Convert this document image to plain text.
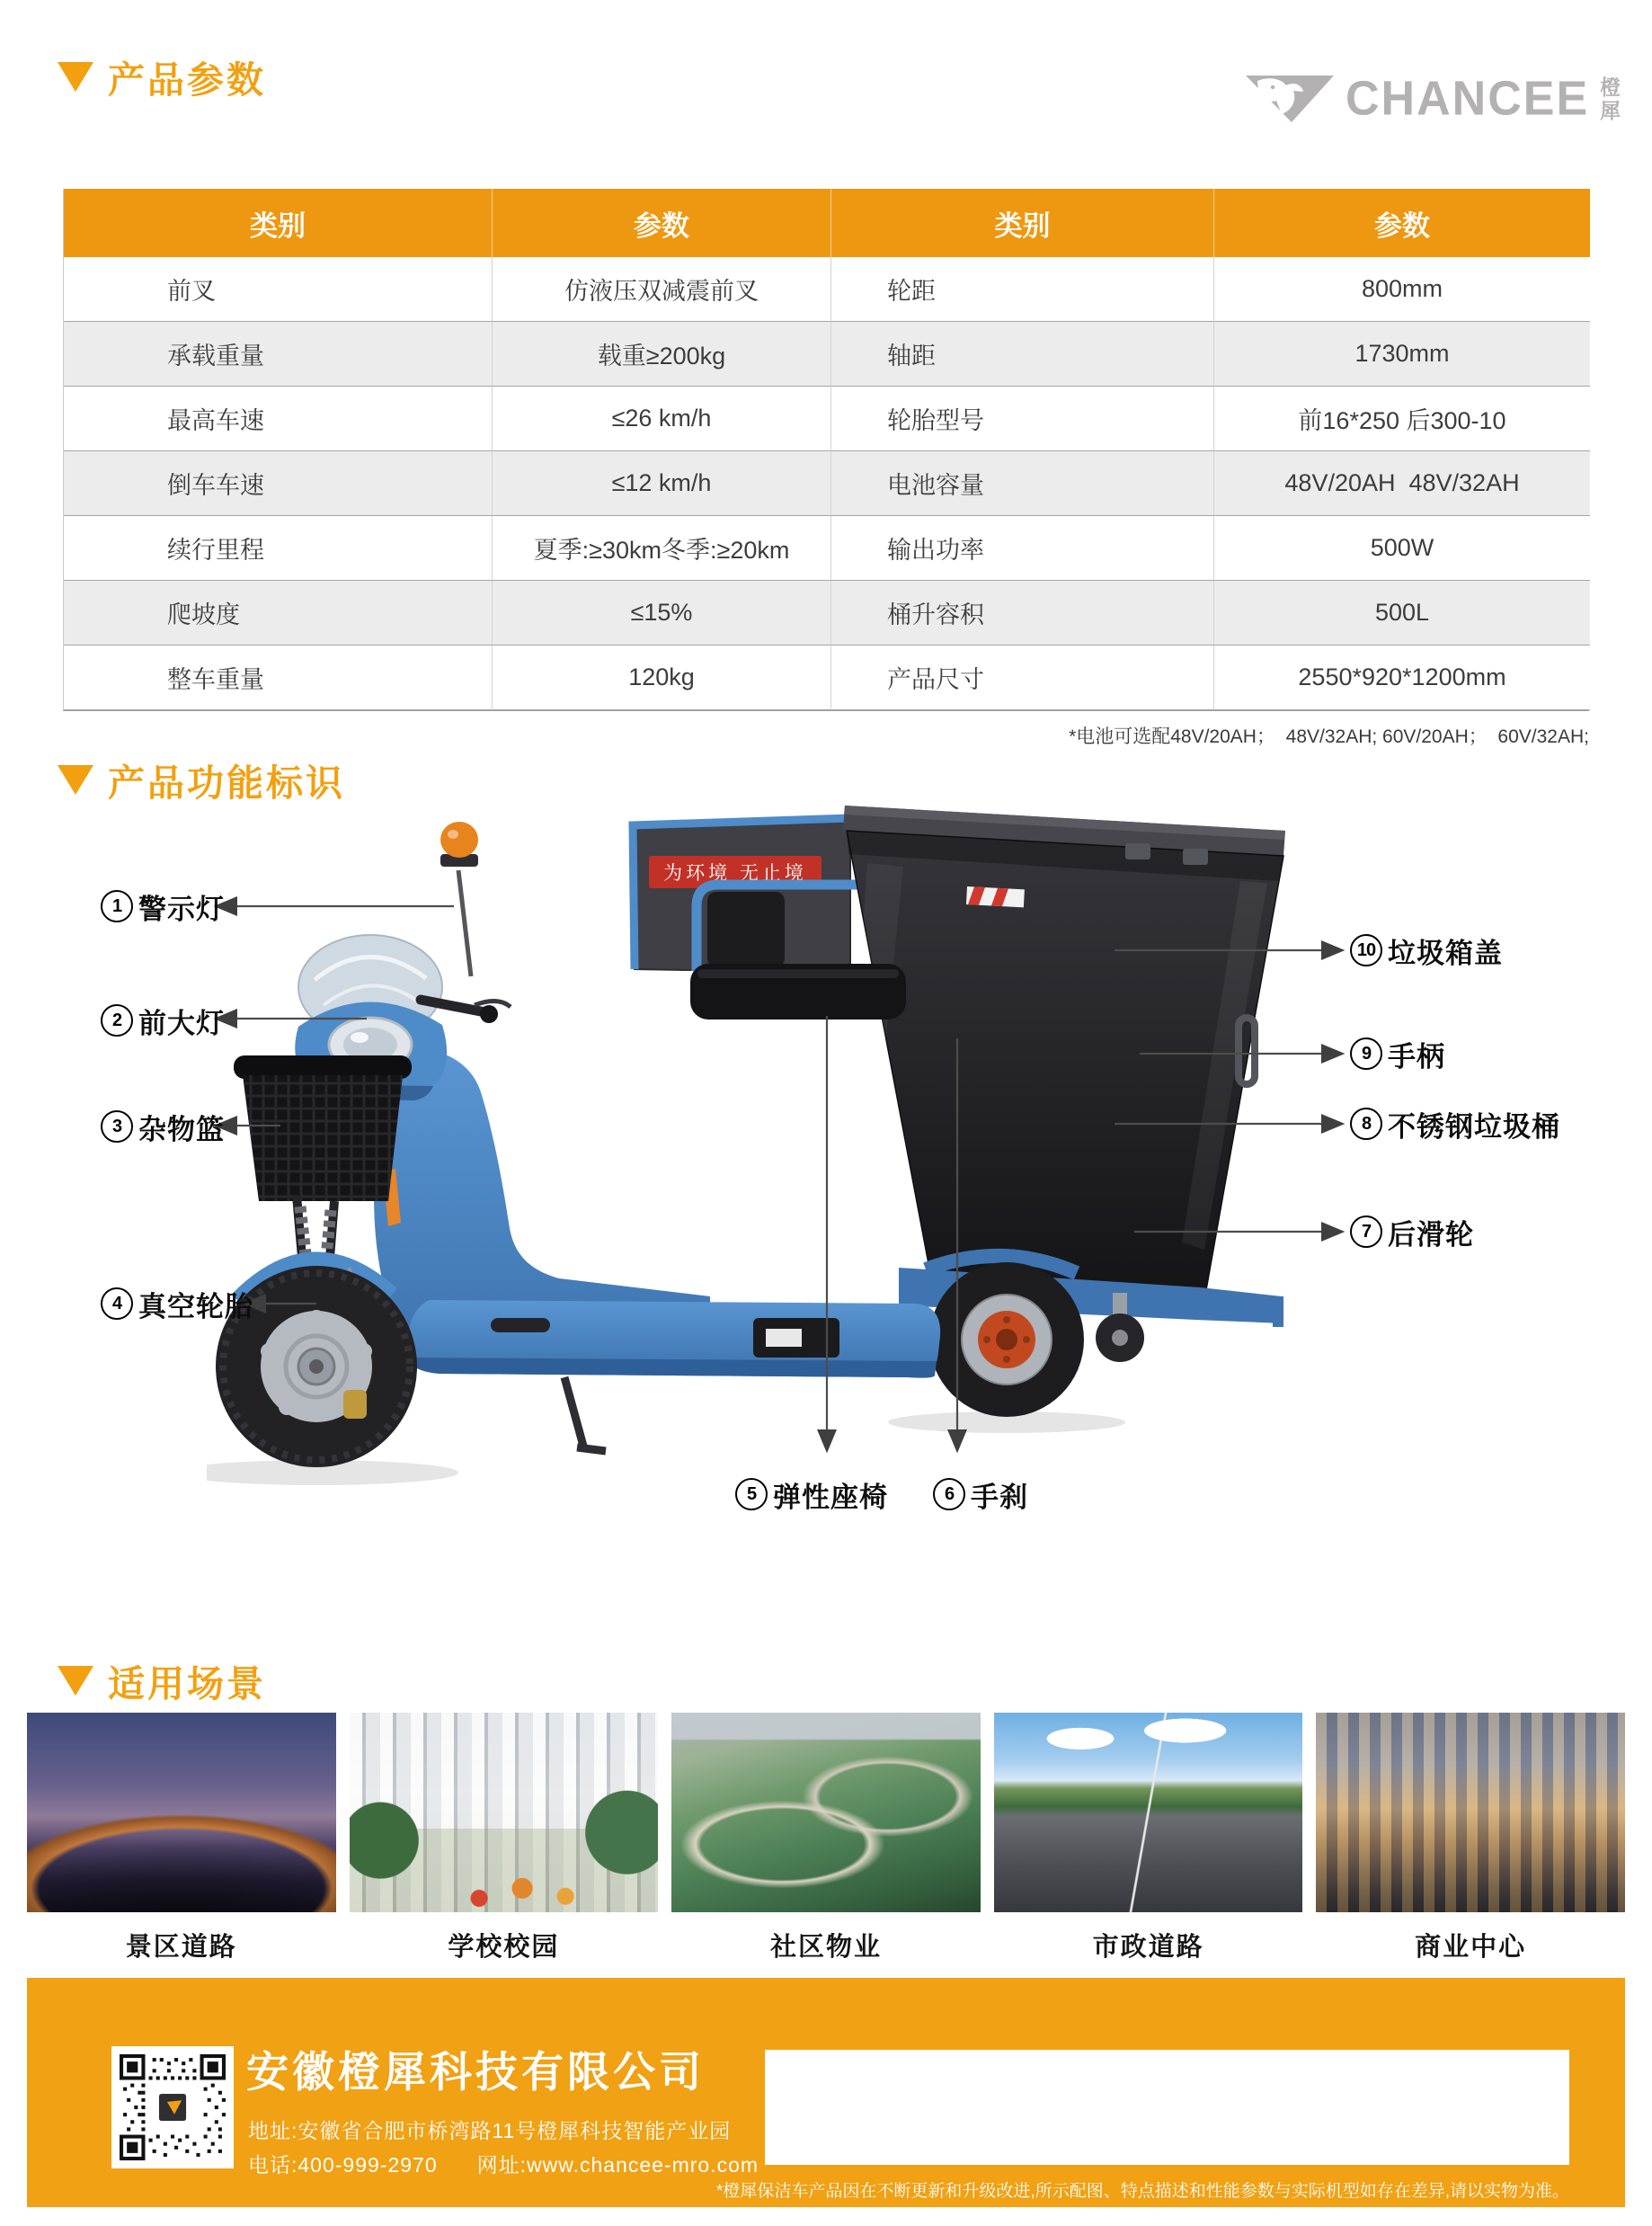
产品参数	CHANCEE 橙
犀
类别	参数	类别	参数
前叉	仿液压双减震前叉	轮距	800mm
承载重量	载重≥200kg	轴距	1730mm
最高车速	≤26 km/h	轮胎型号	前16*250 后300-10
倒车车速	≤12 km/h	电池容量	48V/20AH  48V/32AH
续行里程	夏季:≥30km冬季:≥20km	输出功率	500W
爬坡度	≤15%	桶升容积	500L
整车重量	120kg	产品尺寸	2550*920*1200mm
*电池可选配48V/20AH；  48V/32AH; 60V/20AH；  60V/32AH;
产品功能标识
为环境 无止境
1 警示灯
2 前大灯
3 杂物篮
4 真空轮胎
10 垃圾箱盖
9 手柄
8 不锈钢垃圾桶
7 后滑轮
5 弹性座椅	6 手刹
适用场景
景区道路	学校校园	社区物业	市政道路	商业中心
安徽橙犀科技有限公司
地址:安徽省合肥市桥湾路11号橙犀科技智能产业园
电话:400-999-2970 网址:www.chancee-mro.com
*橙犀保洁车产品因在不断更新和升级改进,所示配图、特点描述和性能参数与实际机型如存在差异,请以实物为准。
